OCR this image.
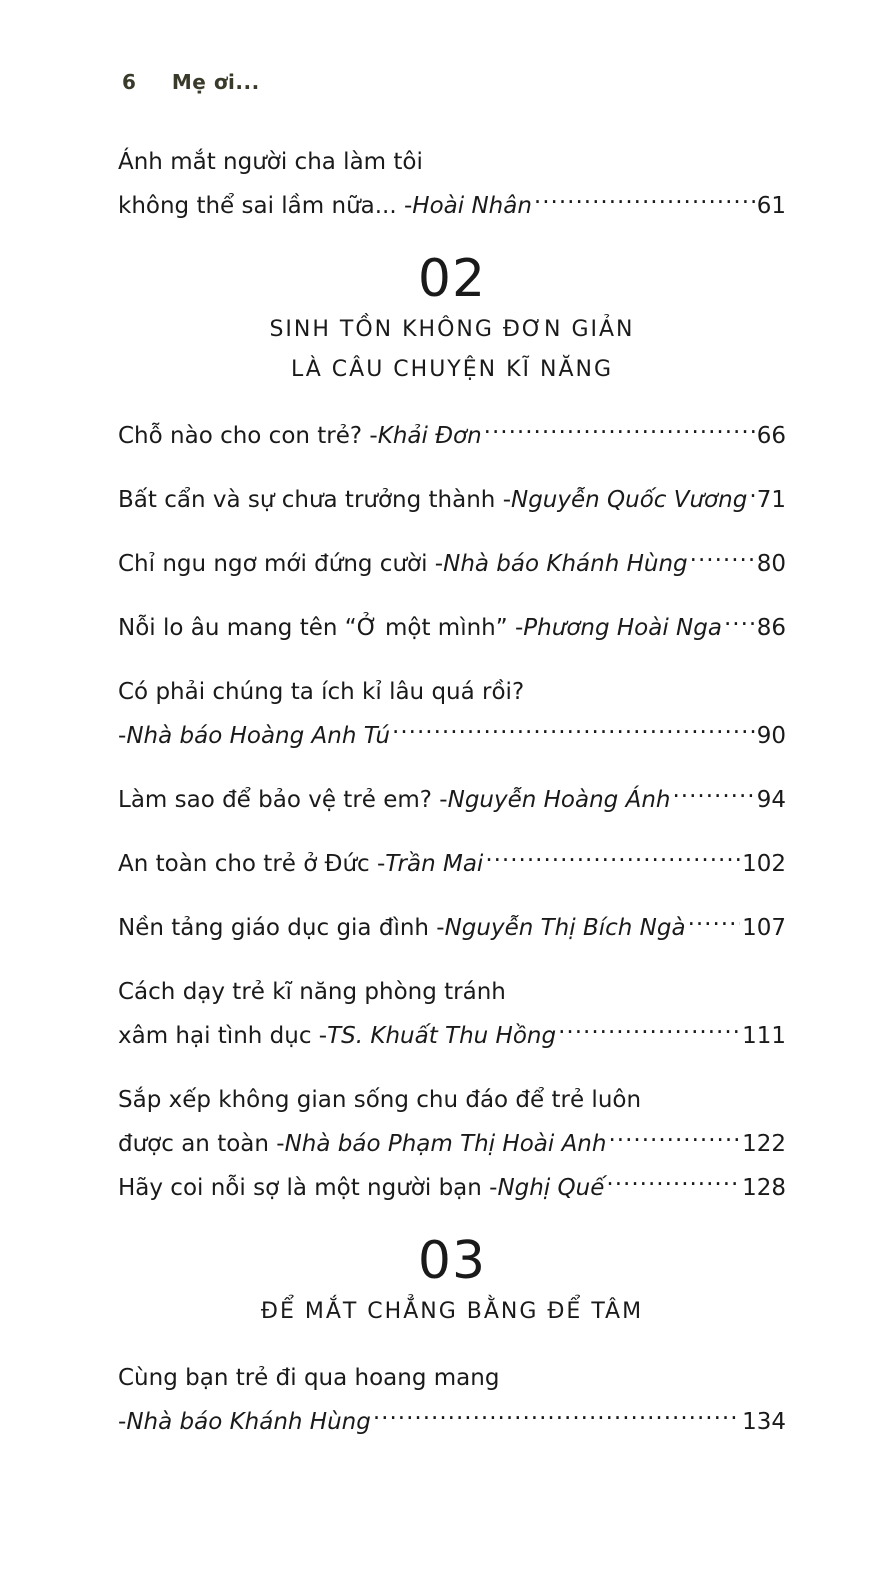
6 Mẹ ơi...
Ánh mắt người cha làm tôi
không thể sai lầm nữa... - Hoài Nhân .....	61
02
SINH TỒN KHÔNG ĐƠN GIẢN
LÀ CÂU CHUYỆN KĨ NĂNG
Chỗ nào cho con trẻ? - Khải Đơn .....	66
Bất cẩn và sự chưa trưởng thành - Nguyễn Quốc Vương ..... 71
Chỉ ngu ngơ mới đứng cười - Nhà báo Khánh Hùng .....	80
Nỗi lo âu mang tên “Ở một mình” - Phương Hoài Nga ..... 86
Có phải chúng ta ích kỉ lâu quá rồi?
- Nhà báo Hoàng Anh Tú .....	90
Làm sao để bảo vệ trẻ em? - Nguyễn Hoàng Ánh .....	94
An toàn cho trẻ ở Đức - Trần Mai .....	102
Nền tảng giáo dục gia đình - Nguyễn Thị Bích Ngà ..... 107
Cách dạy trẻ kĩ năng phòng tránh
xâm hại tình dục - TS. Khuất Thu Hồng .....	111
Sắp xếp không gian sống chu đáo để trẻ luôn
được an toàn - Nhà báo Phạm Thị Hoài Anh .....	122
Hãy coi nỗi sợ là một người bạn - Nghị Quế .....	128
03
ĐỂ MẮT CHẲNG BẰNG ĐỂ TÂM
Cùng bạn trẻ đi qua hoang mang
- Nhà báo Khánh Hùng .....	134
